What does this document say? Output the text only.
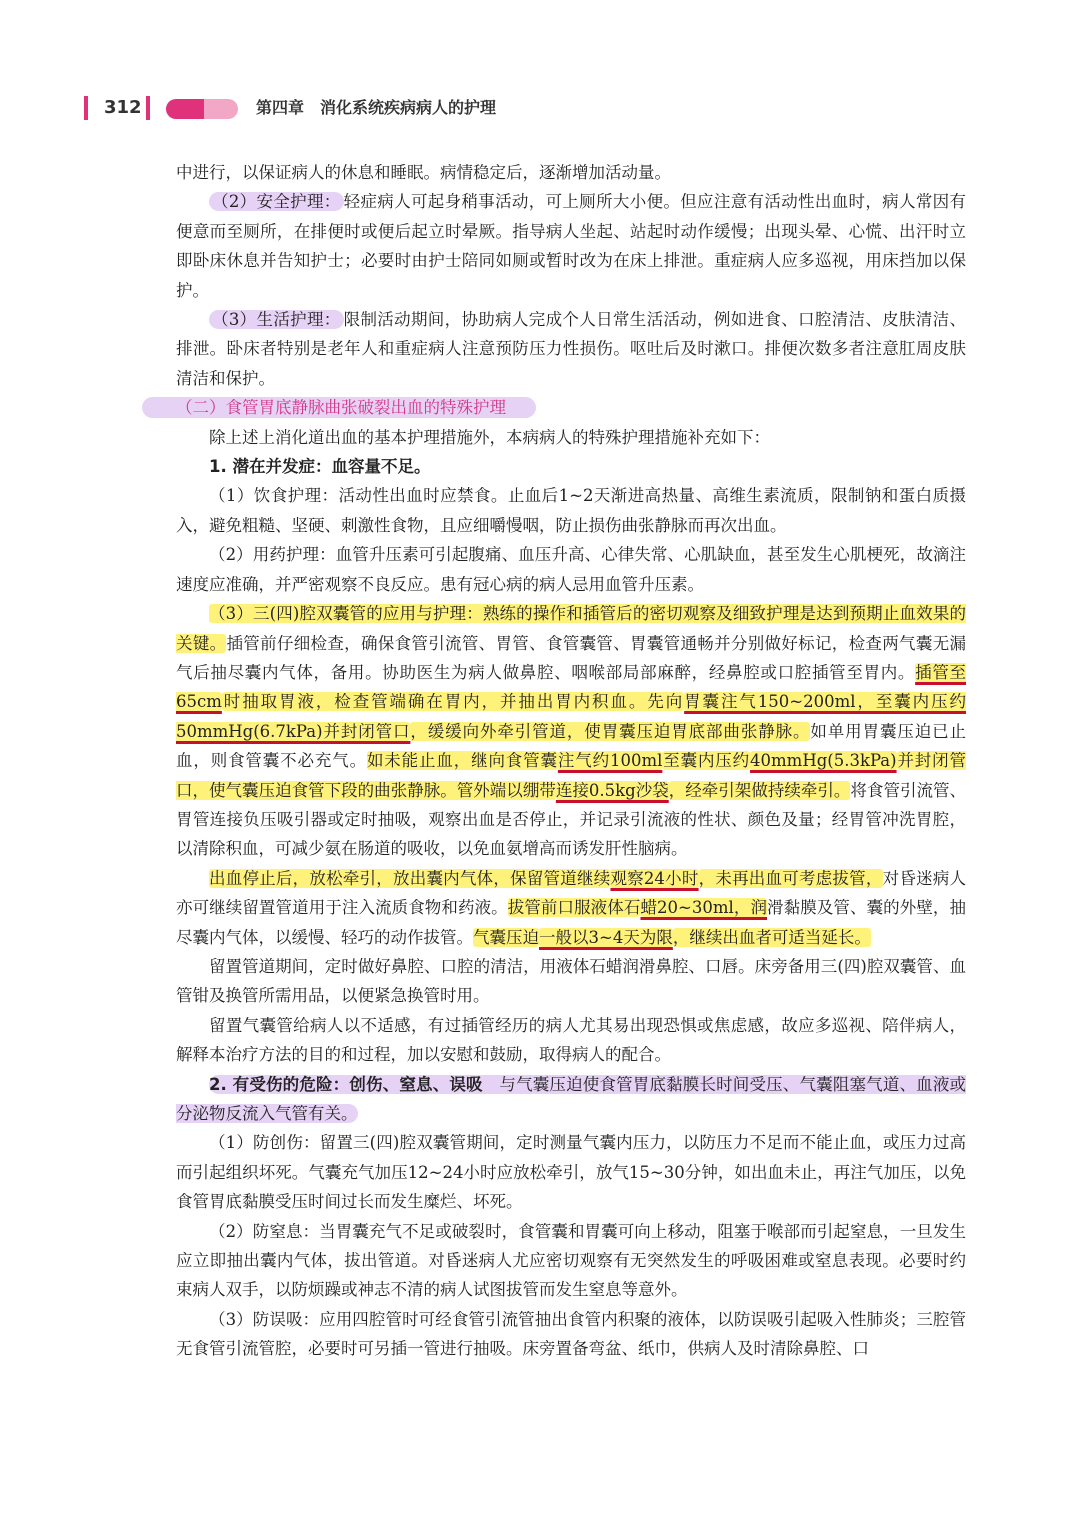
312	第四章　消化系统疾病病人的护理

中进行，以保证病人的休息和睡眠。病情稳定后，逐渐增加活动量。

（2）安全护理： 轻症病人可起身稍事活动，可上厕所大小便。但应注意有活动性出血时，病人常因有便意而至厕所，在排便时或便后起立时晕厥。指导病人坐起、站起时动作缓慢；出现头晕、心慌、出汗时立即卧床休息并告知护士；必要时由护士陪同如厕或暂时改为在床上排泄。重症病人应多巡视，用床挡加以保护。

（3）生活护理： 限制活动期间，协助病人完成个人日常生活活动，例如进食、口腔清洁、皮肤清洁、排泄。卧床者特别是老年人和重症病人注意预防压力性损伤。呕吐后及时漱口。排便次数多者注意肛周皮肤清洁和保护。

（二）食管胃底静脉曲张破裂出血的特殊护理

除上述上消化道出血的基本护理措施外，本病病人的特殊护理措施补充如下：

1. 潜在并发症：血容量不足。

（1）饮食护理：活动性出血时应禁食。止血后1~2天渐进高热量、高维生素流质，限制钠和蛋白质摄入，避免粗糙、坚硬、刺激性食物，且应细嚼慢咽，防止损伤曲张静脉而再次出血。

（2）用药护理：血管升压素可引起腹痛、血压升高、心律失常、心肌缺血，甚至发生心肌梗死，故滴注速度应准确，并严密观察不良反应。患有冠心病的病人忌用血管升压素。

（3）三(四)腔双囊管的应用与护理：熟练的操作和插管后的密切观察及细致护理是达到预期止血效果的关键。插管前仔细检查，确保食管引流管、胃管、食管囊管、胃囊管通畅并分别做好标记，检查两气囊无漏气后抽尽囊内气体，备用。协助医生为病人做鼻腔、咽喉部局部麻醉，经鼻腔或口腔插管至胃内。插管至65cm时抽取胃液，检查管端确在胃内，并抽出胃内积血。先向胃囊注气150~200ml，至囊内压约50mmHg(6.7kPa)并封闭管口，缓缓向外牵引管道，使胃囊压迫胃底部曲张静脉。如单用胃囊压迫已止血，则食管囊不必充气。如未能止血，继向食管囊注气约100ml至囊内压约40mmHg(5.3kPa)并封闭管口，使气囊压迫食管下段的曲张静脉。管外端以绷带连接0.5kg沙袋，经牵引架做持续牵引。将食管引流管、胃管连接负压吸引器或定时抽吸，观察出血是否停止，并记录引流液的性状、颜色及量；经胃管冲洗胃腔，以清除积血，可减少氨在肠道的吸收，以免血氨增高而诱发肝性脑病。

出血停止后，放松牵引，放出囊内气体，保留管道继续观察24小时，未再出血可考虑拔管，对昏迷病人亦可继续留置管道用于注入流质食物和药液。拔管前口服液体石蜡20~30ml，润滑黏膜及管、囊的外壁，抽尽囊内气体，以缓慢、轻巧的动作拔管。气囊压迫一般以3~4天为限，继续出血者可适当延长。

留置管道期间，定时做好鼻腔、口腔的清洁，用液体石蜡润滑鼻腔、口唇。床旁备用三(四)腔双囊管、血管钳及换管所需用品，以便紧急换管时用。

留置气囊管给病人以不适感，有过插管经历的病人尤其易出现恐惧或焦虑感，故应多巡视、陪伴病人，解释本治疗方法的目的和过程，加以安慰和鼓励，取得病人的配合。

2. 有受伤的危险：创伤、窒息、误吸　与气囊压迫使食管胃底黏膜长时间受压、气囊阻塞气道、血液或分泌物反流入气管有关。

（1）防创伤：留置三(四)腔双囊管期间，定时测量气囊内压力，以防压力不足而不能止血，或压力过高而引起组织坏死。气囊充气加压12~24小时应放松牵引，放气15~30分钟，如出血未止，再注气加压，以免食管胃底黏膜受压时间过长而发生糜烂、坏死。

（2）防窒息：当胃囊充气不足或破裂时，食管囊和胃囊可向上移动，阻塞于喉部而引起窒息，一旦发生应立即抽出囊内气体，拔出管道。对昏迷病人尤应密切观察有无突然发生的呼吸困难或窒息表现。必要时约束病人双手，以防烦躁或神志不清的病人试图拔管而发生窒息等意外。

（3）防误吸：应用四腔管时可经食管引流管抽出食管内积聚的液体，以防误吸引起吸入性肺炎；三腔管无食管引流管腔，必要时可另插一管进行抽吸。床旁置备弯盆、纸巾，供病人及时清除鼻腔、口
